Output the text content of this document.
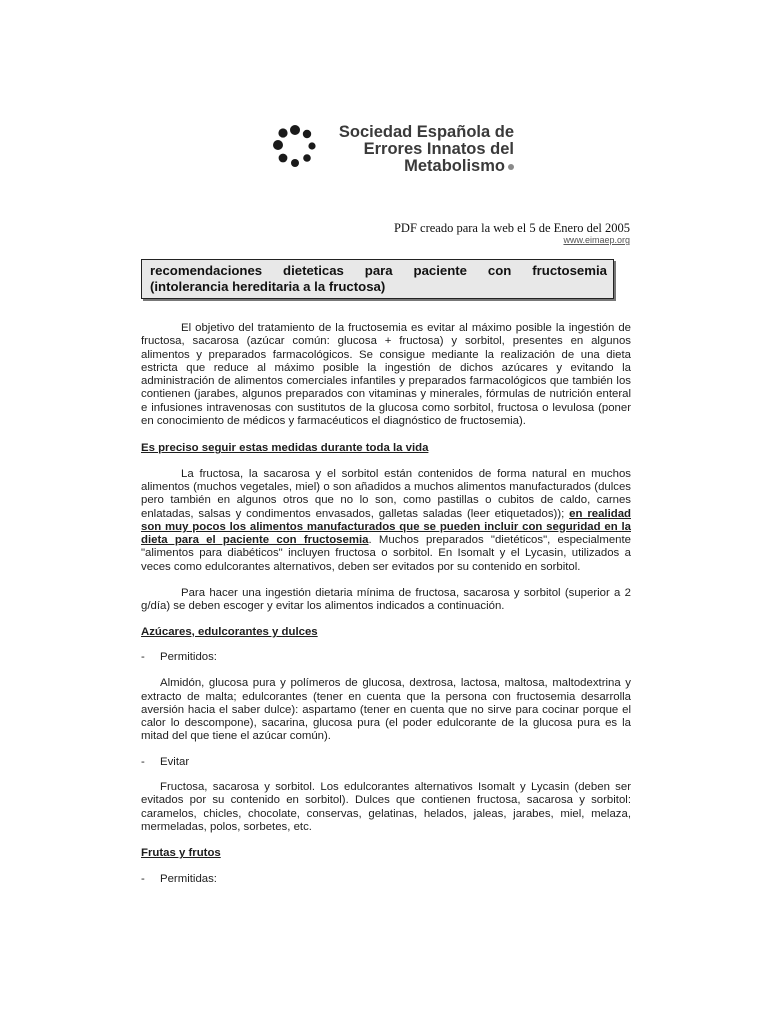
Sociedad Española de
Errores Innatos del
Metabolismo
PDF creado para la web el 5 de Enero del 2005
www.eimaep.org
recomendaciones dieteticas para paciente con fructosemia
(intolerancia hereditaria a la fructosa)

El objetivo del tratamiento de la fructosemia es evitar al máximo posible la ingestión de fructosa, sacarosa (azúcar común: glucosa + fructosa) y sorbitol, presentes en algunos alimentos y preparados farmacológicos. Se consigue mediante la realización de una dieta estricta que reduce al máximo posible la ingestión de dichos azúcares y evitando la administración de alimentos comerciales infantiles y preparados farmacológicos que también los contienen (jarabes, algunos preparados con vitaminas y minerales, fórmulas de nutrición enteral e infusiones intravenosas con sustitutos de la glucosa como sorbitol, fructosa o levulosa (poner en conocimiento de médicos y farmacéuticos el diagnóstico de fructosemia).

Es preciso seguir estas medidas durante toda la vida

La fructosa, la sacarosa y el sorbitol están contenidos de forma natural en muchos alimentos (muchos vegetales, miel) o son añadidos a muchos alimentos manufacturados (dulces pero también en algunos otros que no lo son, como pastillas o cubitos de caldo, carnes enlatadas, salsas y condimentos envasados, galletas saladas (leer etiquetados)); en realidad son muy pocos los alimentos manufacturados que se pueden incluir con seguridad en la dieta para el paciente con fructosemia. Muchos preparados "dietéticos", especialmente "alimentos para diabéticos" incluyen fructosa o sorbitol. En Isomalt y el Lycasin, utilizados a veces como edulcorantes alternativos, deben ser evitados por su contenido en sorbitol.

Para hacer una ingestión dietaria mínima de fructosa, sacarosa y sorbitol (superior a 2 g/día) se deben escoger y evitar los alimentos indicados a continuación.

Azúcares, edulcorantes y dulces

-	Permitidos:

Almidón, glucosa pura y polímeros de glucosa, dextrosa, lactosa, maltosa, maltodextrina y extracto de malta; edulcorantes (tener en cuenta que la persona con fructosemia desarrolla aversión hacia el saber dulce): aspartamo (tener en cuenta que no sirve para cocinar porque el calor lo descompone), sacarina, glucosa pura (el poder edulcorante de la glucosa pura es la mitad del que tiene el azúcar común).

-	Evitar

Fructosa, sacarosa y sorbitol. Los edulcorantes alternativos Isomalt y Lycasin (deben ser evitados por su contenido en sorbitol). Dulces que contienen fructosa, sacarosa y sorbitol: caramelos, chicles, chocolate, conservas, gelatinas, helados, jaleas, jarabes, miel, melaza, mermeladas, polos, sorbetes, etc.

Frutas y frutos

-	Permitidas:
